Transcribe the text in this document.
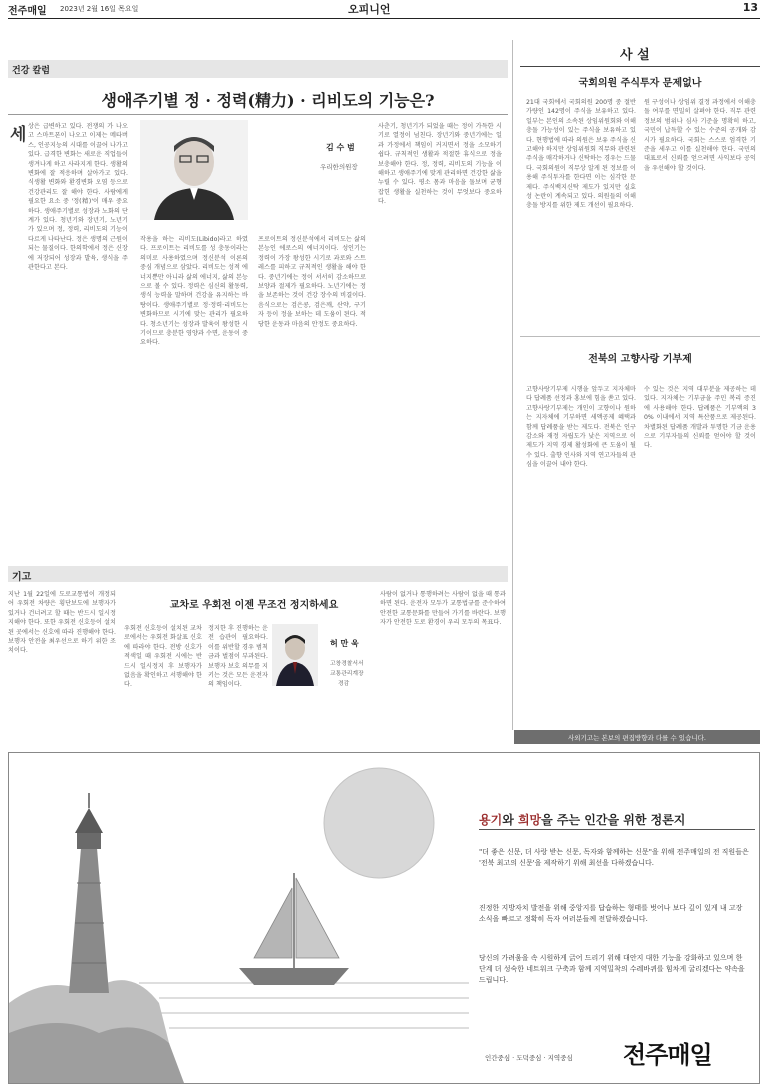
전주매일 2023년 2월 16일 목요일	오피니언	13
건강 칼럼
생애주기별 정 · 정력(精力) · 리비도의 기능은?
세 상은 급변하고 있다. 전쟁의 가 나오고 스마트폰이 나오고 이제는 메타버스, 인공지능의 시대를 이끌어 나가고 있다. 급격한 변화는 새로운 직업들이 생겨나게 하고 사라지게 한다. 생활의 변화에 잘 적응하며 살아가고 있다. 식생활 변화와 환경변화 오염 등으로 건강관리도 잘 해야 한다. 사람에게 필요한 요소 중 '정(精)'이 매우 중요하다. 생애주기별로 성장과 노화의 단계가 있다. 청년기와 장년기, 노년기가 있으며 정, 정력, 리비도의 기능이 다르게 나타난다. 정은 생명의 근원이 되는 물질이다. 한의학에서 정은 신장에 저장되어 성장과 발육, 생식을 주관한다고 본다.
김 수 범
우리한의원장
작용을 하는 리비도(Libido)라고 하였다. 프로이트는 리비도를 성 충동이라는 의미로 사용하였으며 정신분석 이론의 중심 개념으로 삼았다. 리비도는 성적 에너지뿐만 아니라 삶의 에너지, 삶의 본능으로 볼 수 있다. 정력은 심신의 활동력, 생식 능력을 말하며 건강을 유지하는 바탕이다. 생애주기별로 정·정력·리비도는 변화하므로 시기에 맞는 관리가 필요하다. 청소년기는 성장과 발육이 왕성한 시기이므로 충분한 영양과 수면, 운동이 중요하다.
프로이트의 정신분석에서 리비도는 삶의 본능인 에로스의 에너지이다. 성인기는 정력이 가장 왕성한 시기로 과로와 스트레스를 피하고 규칙적인 생활을 해야 한다. 중년기에는 정이 서서히 감소하므로 보양과 절제가 필요하다. 노년기에는 정을 보존하는 것이 건강 장수의 비결이다. 음식으로는 검은콩, 검은깨, 산약, 구기자 등이 정을 보하는 데 도움이 된다. 적당한 운동과 마음의 안정도 중요하다.
사춘기, 청년기가 되었을 때는 정이 가득한 시기로 열정이 넘친다. 장년기와 중년기에는 일과 가정에서 책임이 커지면서 정을 소모하기 쉽다. 규칙적인 생활과 적절한 휴식으로 정을 보충해야 한다. 정, 정력, 리비도의 기능을 이해하고 생애주기에 맞게 관리하면 건강한 삶을 누릴 수 있다. 평소 몸과 마음을 돌보며 균형 잡힌 생활을 실천하는 것이 무엇보다 중요하다.
사 설
국회의원 주식투자 문제없나
21대 국회에서 국회의원 200명 중 절반가량인 142명이 주식을 보유하고 있다. 일부는 본인의 소속된 상임위원회와 이해충돌 가능성이 있는 주식을 보유하고 있다. 현행법에 따라 의원은 보유 주식을 신고해야 하지만 상임위원회 직무와 관련된 주식을 매각하거나 신탁하는 경우는 드물다. 국회의원이 직무상 알게 된 정보를 이용해 주식투자를 한다면 이는 심각한 문제다. 주식백지신탁 제도가 있지만 실효성 논란이 계속되고 있다. 의원들의 이해충돌 방지를 위한 제도 개선이 필요하다.
원 구성이나 상임위 결정 과정에서 이해충돌 여부를 면밀히 살펴야 한다. 직무 관련 정보의 범위나 심사 기준을 명확히 하고, 국민이 납득할 수 있는 수준의 공개와 감시가 필요하다. 국회는 스스로 엄격한 기준을 세우고 이를 실천해야 한다. 국민의 대표로서 신뢰를 얻으려면 사익보다 공익을 우선해야 할 것이다.
전북의 고향사랑 기부제
고향사랑기부제 시행을 앞두고 지자체마다 답례품 선정과 홍보에 힘을 쏟고 있다. 고향사랑기부제는 개인이 고향이나 원하는 지자체에 기부하면 세액공제 혜택과 함께 답례품을 받는 제도다. 전북은 인구 감소와 재정 자립도가 낮은 지역으로 이 제도가 지역 경제 활성화에 큰 도움이 될 수 있다. 출향 인사와 지역 연고자들의 관심을 이끌어 내야 한다.
수 있는 것은 지역 대부분을 제공하는 데 있다. 지자체는 기부금을 주민 복리 증진에 사용해야 한다. 답례품은 기부액의 30% 이내에서 지역 특산품으로 제공된다. 차별화된 답례품 개발과 투명한 기금 운용으로 기부자들의 신뢰를 얻어야 할 것이다.
기고
지난 1월 22일에 도로교통법이 개정되어 우회전 차량은 횡단보도에 보행자가 있거나 건너려고 할 때는 반드시 일시정지해야 한다. 또한 우회전 신호등이 설치된 곳에서는 신호에 따라 진행해야 한다. 보행자 안전을 최우선으로 하기 위한 조치이다.
교차로 우회전 이젠 무조건 정지하세요
우회전 신호등이 설치된 교차로에서는 우회전 화살표 신호에 따라야 한다. 전방 신호가 적색일 때 우회전 시에는 반드시 일시정지 후 보행자가 없음을 확인하고 서행해야 한다.
정지한 후 진행하는 운전 습관이 필요하다. 이를 위반할 경우 범칙금과 벌점이 부과된다. 보행자 보호 의무를 지키는 것은 모든 운전자의 책임이다.
허 만 욱
고창경찰서서
교통관리계장
경감
사람이 없거나 통행하려는 사람이 없을 때 통과하면 된다. 운전자 모두가 교통법규를 준수하여 안전한 교통문화를 만들어 가기를 바란다. 보행자가 안전한 도로 환경이 우리 모두의 목표다.
사외기고는 본보의 편집방향과 다를 수 있습니다.
용기와 희망을 주는 인간을 위한 정론지
"더 좋은 신문, 더 사랑 받는 신문, 독자와 함께하는 신문"을 위해 전주매일의 전 직원들은 '전북 최고의 신문'을 제작하기 위해 최선을 다하겠습니다.
진정한 지방자치 발전을 위해 중앙지를 답습하는 형태를 벗어나 보다 깊이 있게 내 고장 소식을 빠르고 정확히 독자 여러분들께 전달하겠습니다.
당신의 가려움을 속 시원하게 긁어 드리기 위해 대안지 대한 기능을 강화하고 있으며 한 단계 더 성숙한 네트워크 구축과 함께 지역밀착의 수레바퀴를 힘차게 굴리겠다는 약속을 드립니다.
인간중심 · 도덕중심 · 지역중심 전주매일
